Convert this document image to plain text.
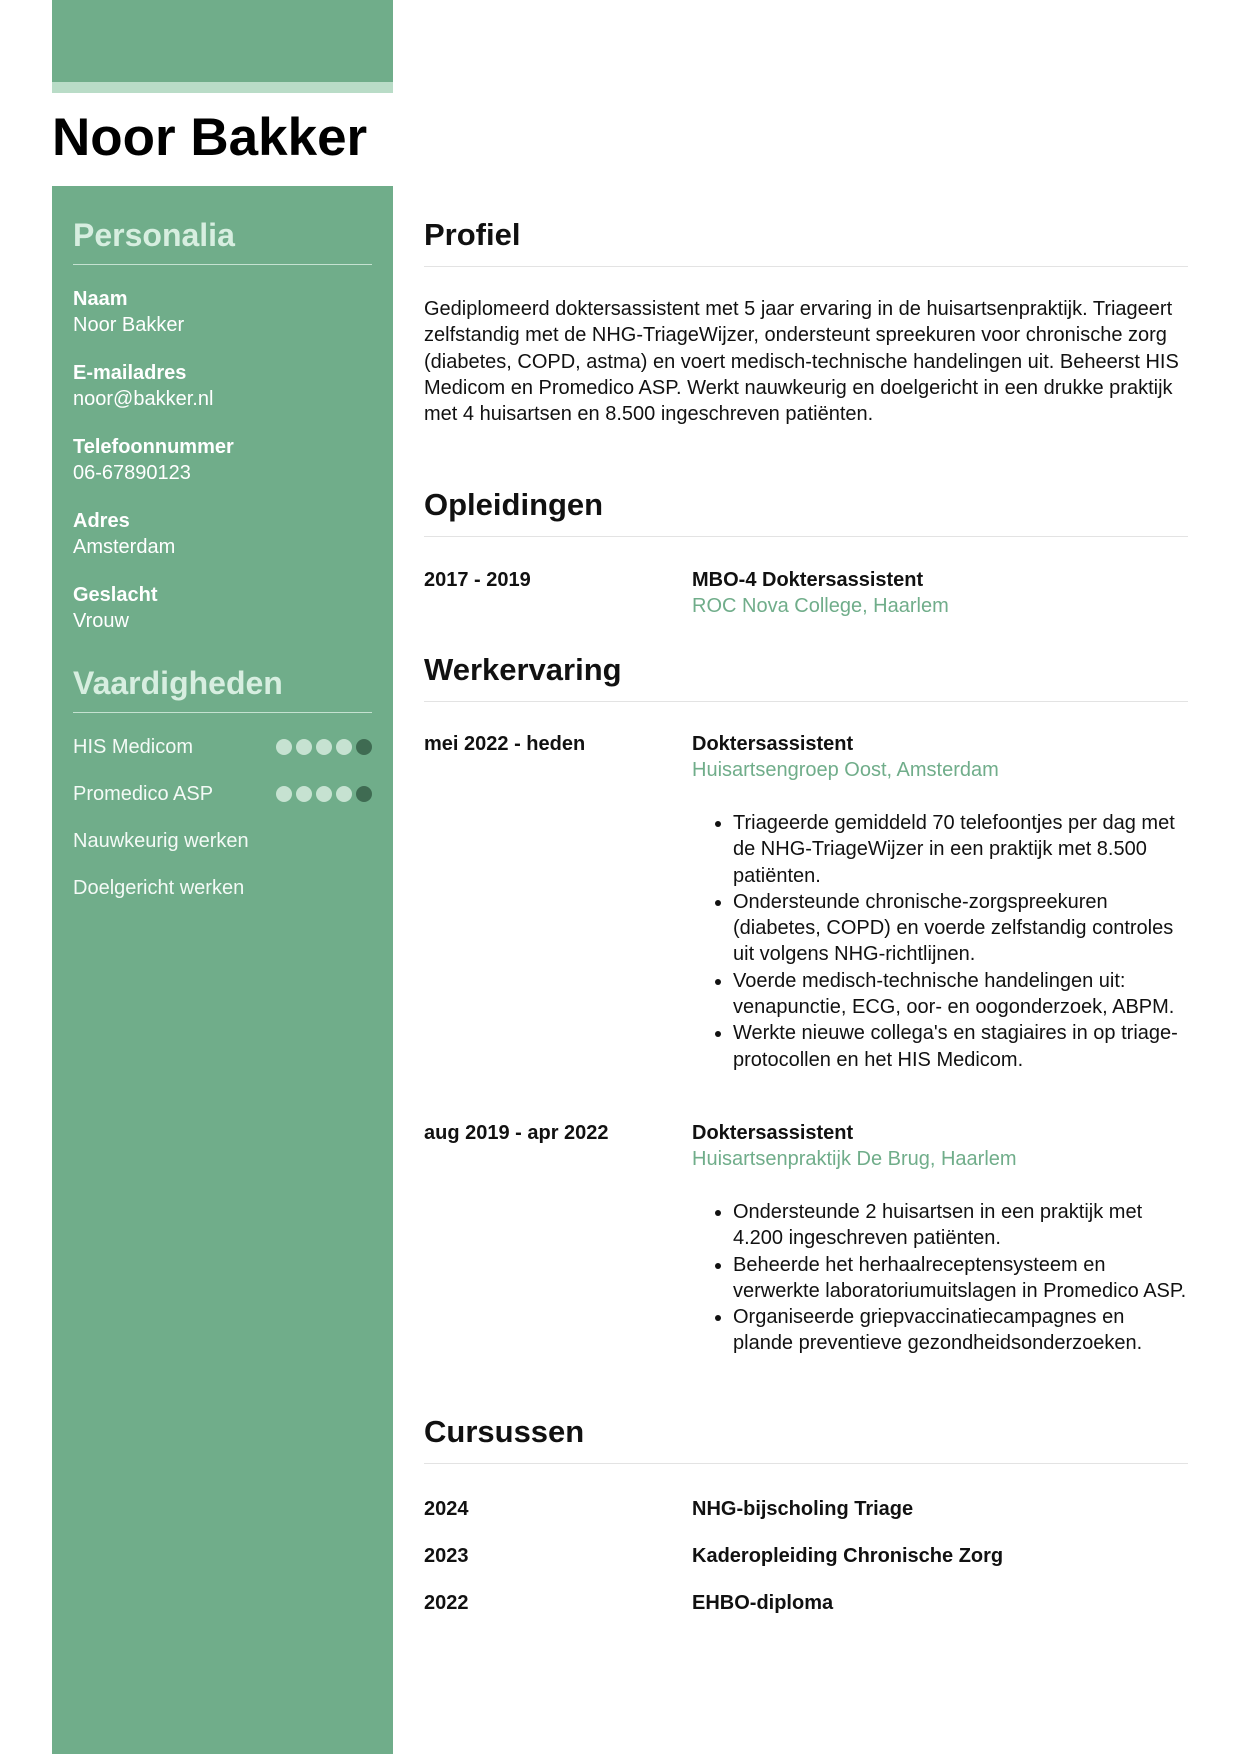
Noor Bakker
Personalia
Naam
Noor Bakker
E-mailadres
noor@bakker.nl
Telefoonnummer
06-67890123
Adres
Amsterdam
Geslacht
Vrouw
Vaardigheden
HIS Medicom
Promedico ASP
Nauwkeurig werken
Doelgericht werken
Profiel

Gediplomeerd doktersassistent met 5 jaar ervaring in de huisartsenpraktijk. Triageert zelfstandig met de NHG-TriageWijzer, ondersteunt spreekuren voor chronische zorg (diabetes, COPD, astma) en voert medisch-technische handelingen uit. Beheerst HIS Medicom en Promedico ASP. Werkt nauwkeurig en doelgericht in een drukke praktijk met 4 huisartsen en 8.500 ingeschreven patiënten.

Opleidingen
2017 - 2019	MBO-4 Doktersassistent
ROC Nova College, Haarlem
Werkervaring
mei 2022 - heden	Doktersassistent
Huisartsengroep Oost, Amsterdam
• Triageerde gemiddeld 70 telefoontjes per dag met de NHG-TriageWijzer in een praktijk met 8.500 patiënten.
• Ondersteunde chronische-zorgspreekuren (diabetes, COPD) en voerde zelfstandig controles uit volgens NHG-richtlijnen.
• Voerde medisch-technische handelingen uit: venapunctie, ECG, oor- en oogonderzoek, ABPM.
• Werkte nieuwe collega's en stagiaires in op triage-protocollen en het HIS Medicom.
aug 2019 - apr 2022	Doktersassistent
Huisartsenpraktijk De Brug, Haarlem
• Ondersteunde 2 huisartsen in een praktijk met 4.200 ingeschreven patiënten.
• Beheerde het herhaalreceptensysteem en verwerkte laboratoriumuitslagen in Promedico ASP.
• Organiseerde griepvaccinatiecampagnes en plande preventieve gezondheidsonderzoeken.
Cursussen
2024	NHG-bijscholing Triage
2023	Kaderopleiding Chronische Zorg
2022	EHBO-diploma
